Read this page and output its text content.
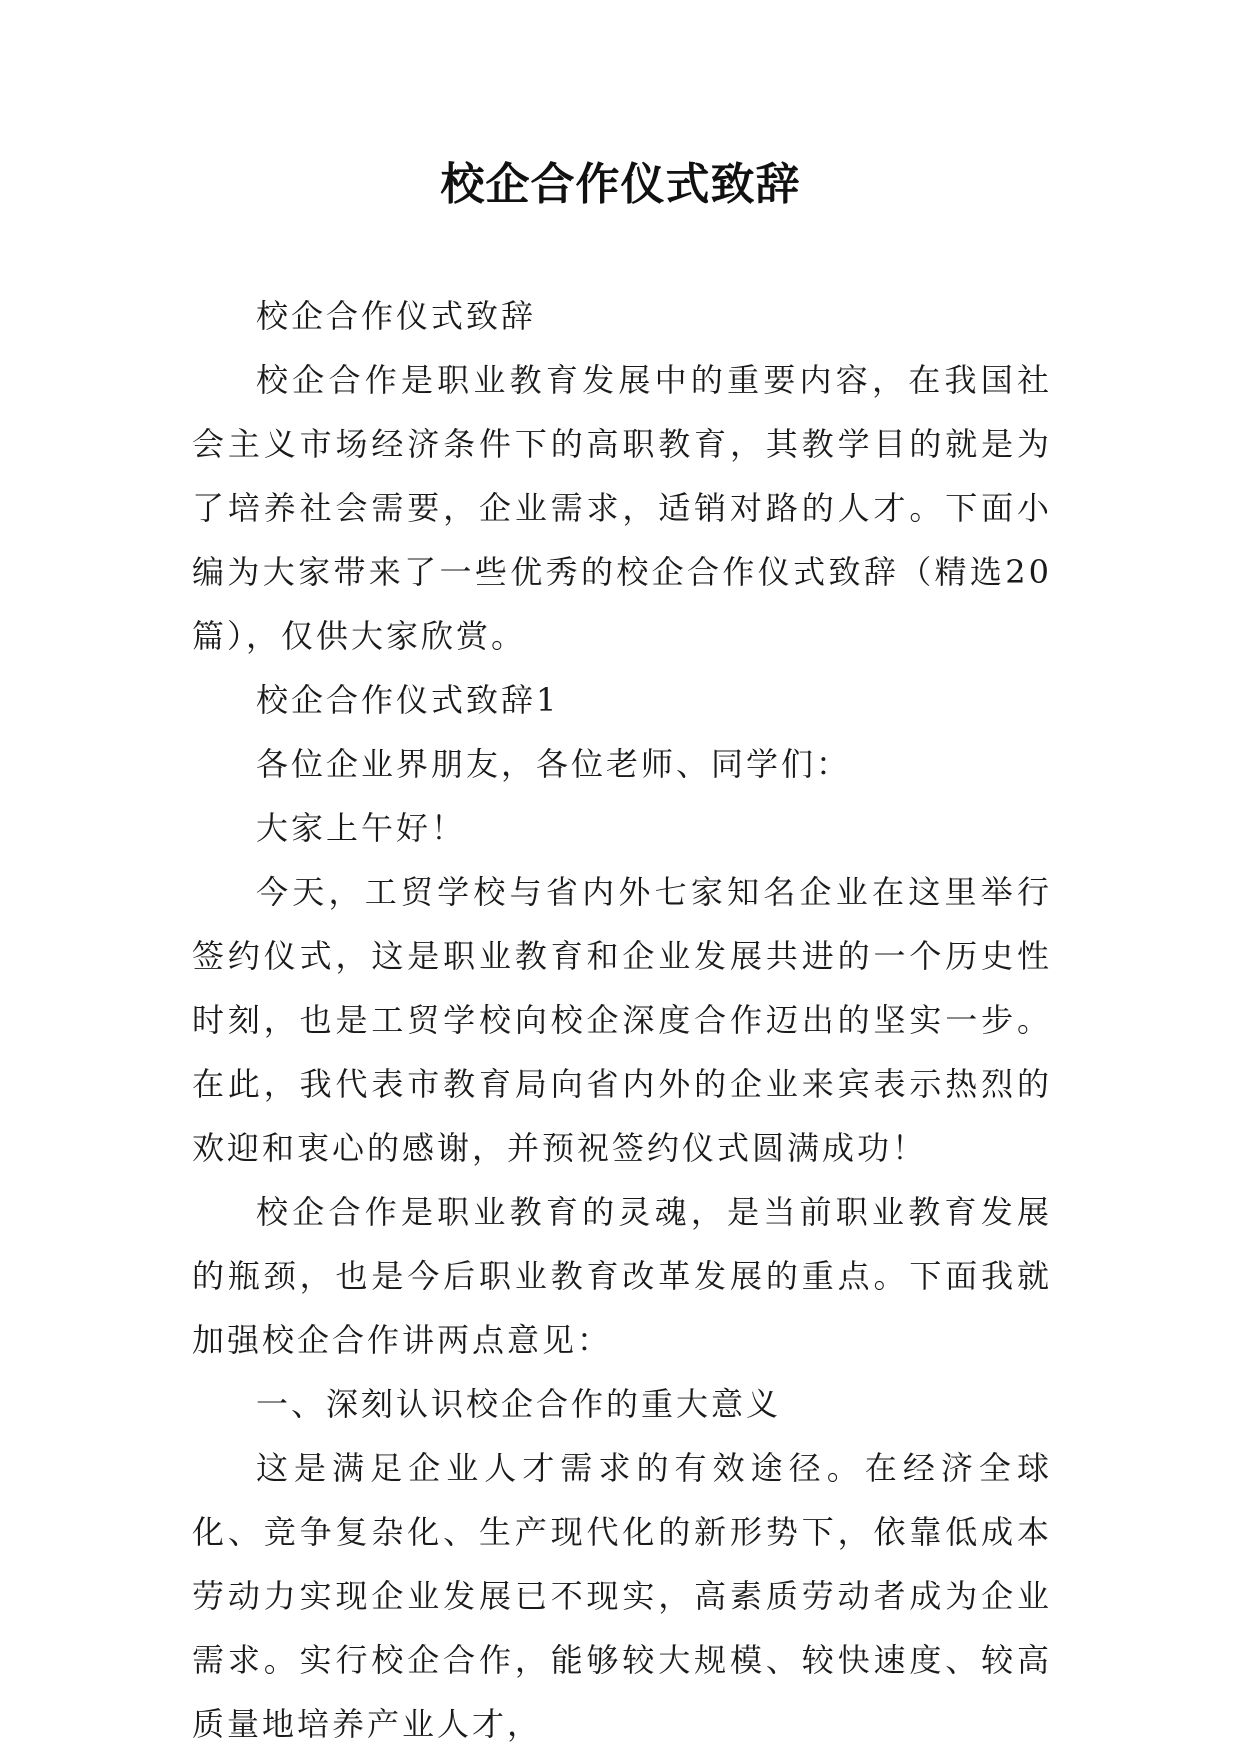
校企合作仪式致辞

校企合作仪式致辞

校企合作是职业教育发展中的重要内容，在我国社会主义市场经济条件下的高职教育，其教学目的就是为了培养社会需要，企业需求，适销对路的人才。下面小编为大家带来了一些优秀的校企合作仪式致辞（精选20篇），仅供大家欣赏。

校企合作仪式致辞1

各位企业界朋友，各位老师、同学们：

大家上午好！

今天，工贸学校与省内外七家知名企业在这里举行签约仪式，这是职业教育和企业发展共进的一个历史性时刻，也是工贸学校向校企深度合作迈出的坚实一步。在此，我代表市教育局向省内外的企业来宾表示热烈的欢迎和衷心的感谢，并预祝签约仪式圆满成功！

校企合作是职业教育的灵魂，是当前职业教育发展的瓶颈，也是今后职业教育改革发展的重点。下面我就加强校企合作讲两点意见：

一、深刻认识校企合作的重大意义

这是满足企业人才需求的有效途径。在经济全球化、竞争复杂化、生产现代化的新形势下，依靠低成本劳动力实现企业发展已不现实，高素质劳动者成为企业需求。实行校企合作，能够较大规模、较快速度、较高质量地培养产业人才，
